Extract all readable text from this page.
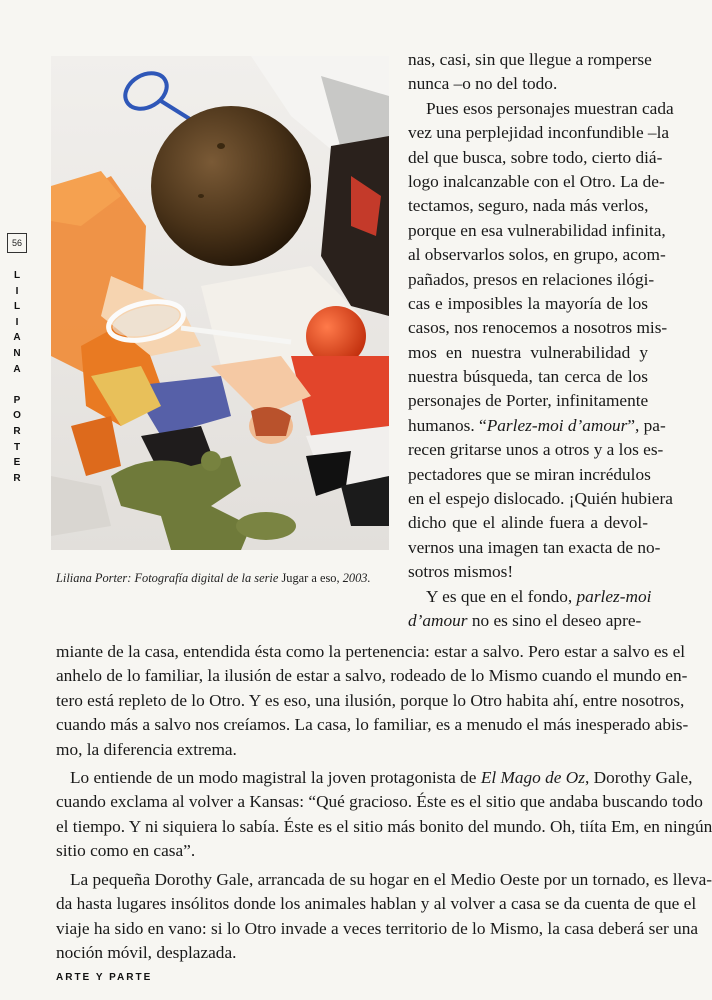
Liliana Porter: Fotografía digital de la serie Jugar a eso, 2003.
56
L
I
L
I
A
N
A
P
O
R
T
E
R
nas, casi, sin que llegue a romperse
nunca –o no del todo.
Pues esos personajes muestran cada
vez una perplejidad inconfundible –la
del que busca, sobre todo, cierto diá-
logo inalcanzable con el Otro. La de-
tectamos, seguro, nada más verlos,
porque en esa vulnerabilidad infinita,
al observarlos solos, en grupo, acom-
pañados, presos en relaciones ilógi-
cas e imposibles la mayoría de los
casos, nos renocemos a nosotros mis-
mos en nuestra vulnerabilidad y
nuestra búsqueda, tan cerca de los
personajes de Porter, infinitamente
humanos. “Parlez-moi d’amour”, pa-
recen gritarse unos a otros y a los es-
pectadores que se miran incrédulos
en el espejo dislocado. ¡Quién hubiera
dicho que el alinde fuera a devol-
vernos una imagen tan exacta de no-
sotros mismos!
Y es que en el fondo, parlez-moi
d’amour no es sino el deseo apre-
miante de la casa, entendida ésta como la pertenencia: estar a salvo. Pero estar a salvo es el
anhelo de lo familiar, la ilusión de estar a salvo, rodeado de lo Mismo cuando el mundo en-
tero está repleto de lo Otro. Y es eso, una ilusión, porque lo Otro habita ahí, entre nosotros,
cuando más a salvo nos creíamos. La casa, lo familiar, es a menudo el más inesperado abis-
mo, la diferencia extrema.
Lo entiende de un modo magistral la joven protagonista de El Mago de Oz, Dorothy Gale,
cuando exclama al volver a Kansas: “Qué gracioso. Éste es el sitio que andaba buscando todo
el tiempo. Y ni siquiera lo sabía. Éste es el sitio más bonito del mundo. Oh, tiíta Em, en ningún
sitio como en casa”.
La pequeña Dorothy Gale, arrancada de su hogar en el Medio Oeste por un tornado, es lleva-
da hasta lugares insólitos donde los animales hablan y al volver a casa se da cuenta de que el
viaje ha sido en vano: si lo Otro invade a veces territorio de lo Mismo, la casa deberá ser una
noción móvil, desplazada.
ARTE Y PARTE
